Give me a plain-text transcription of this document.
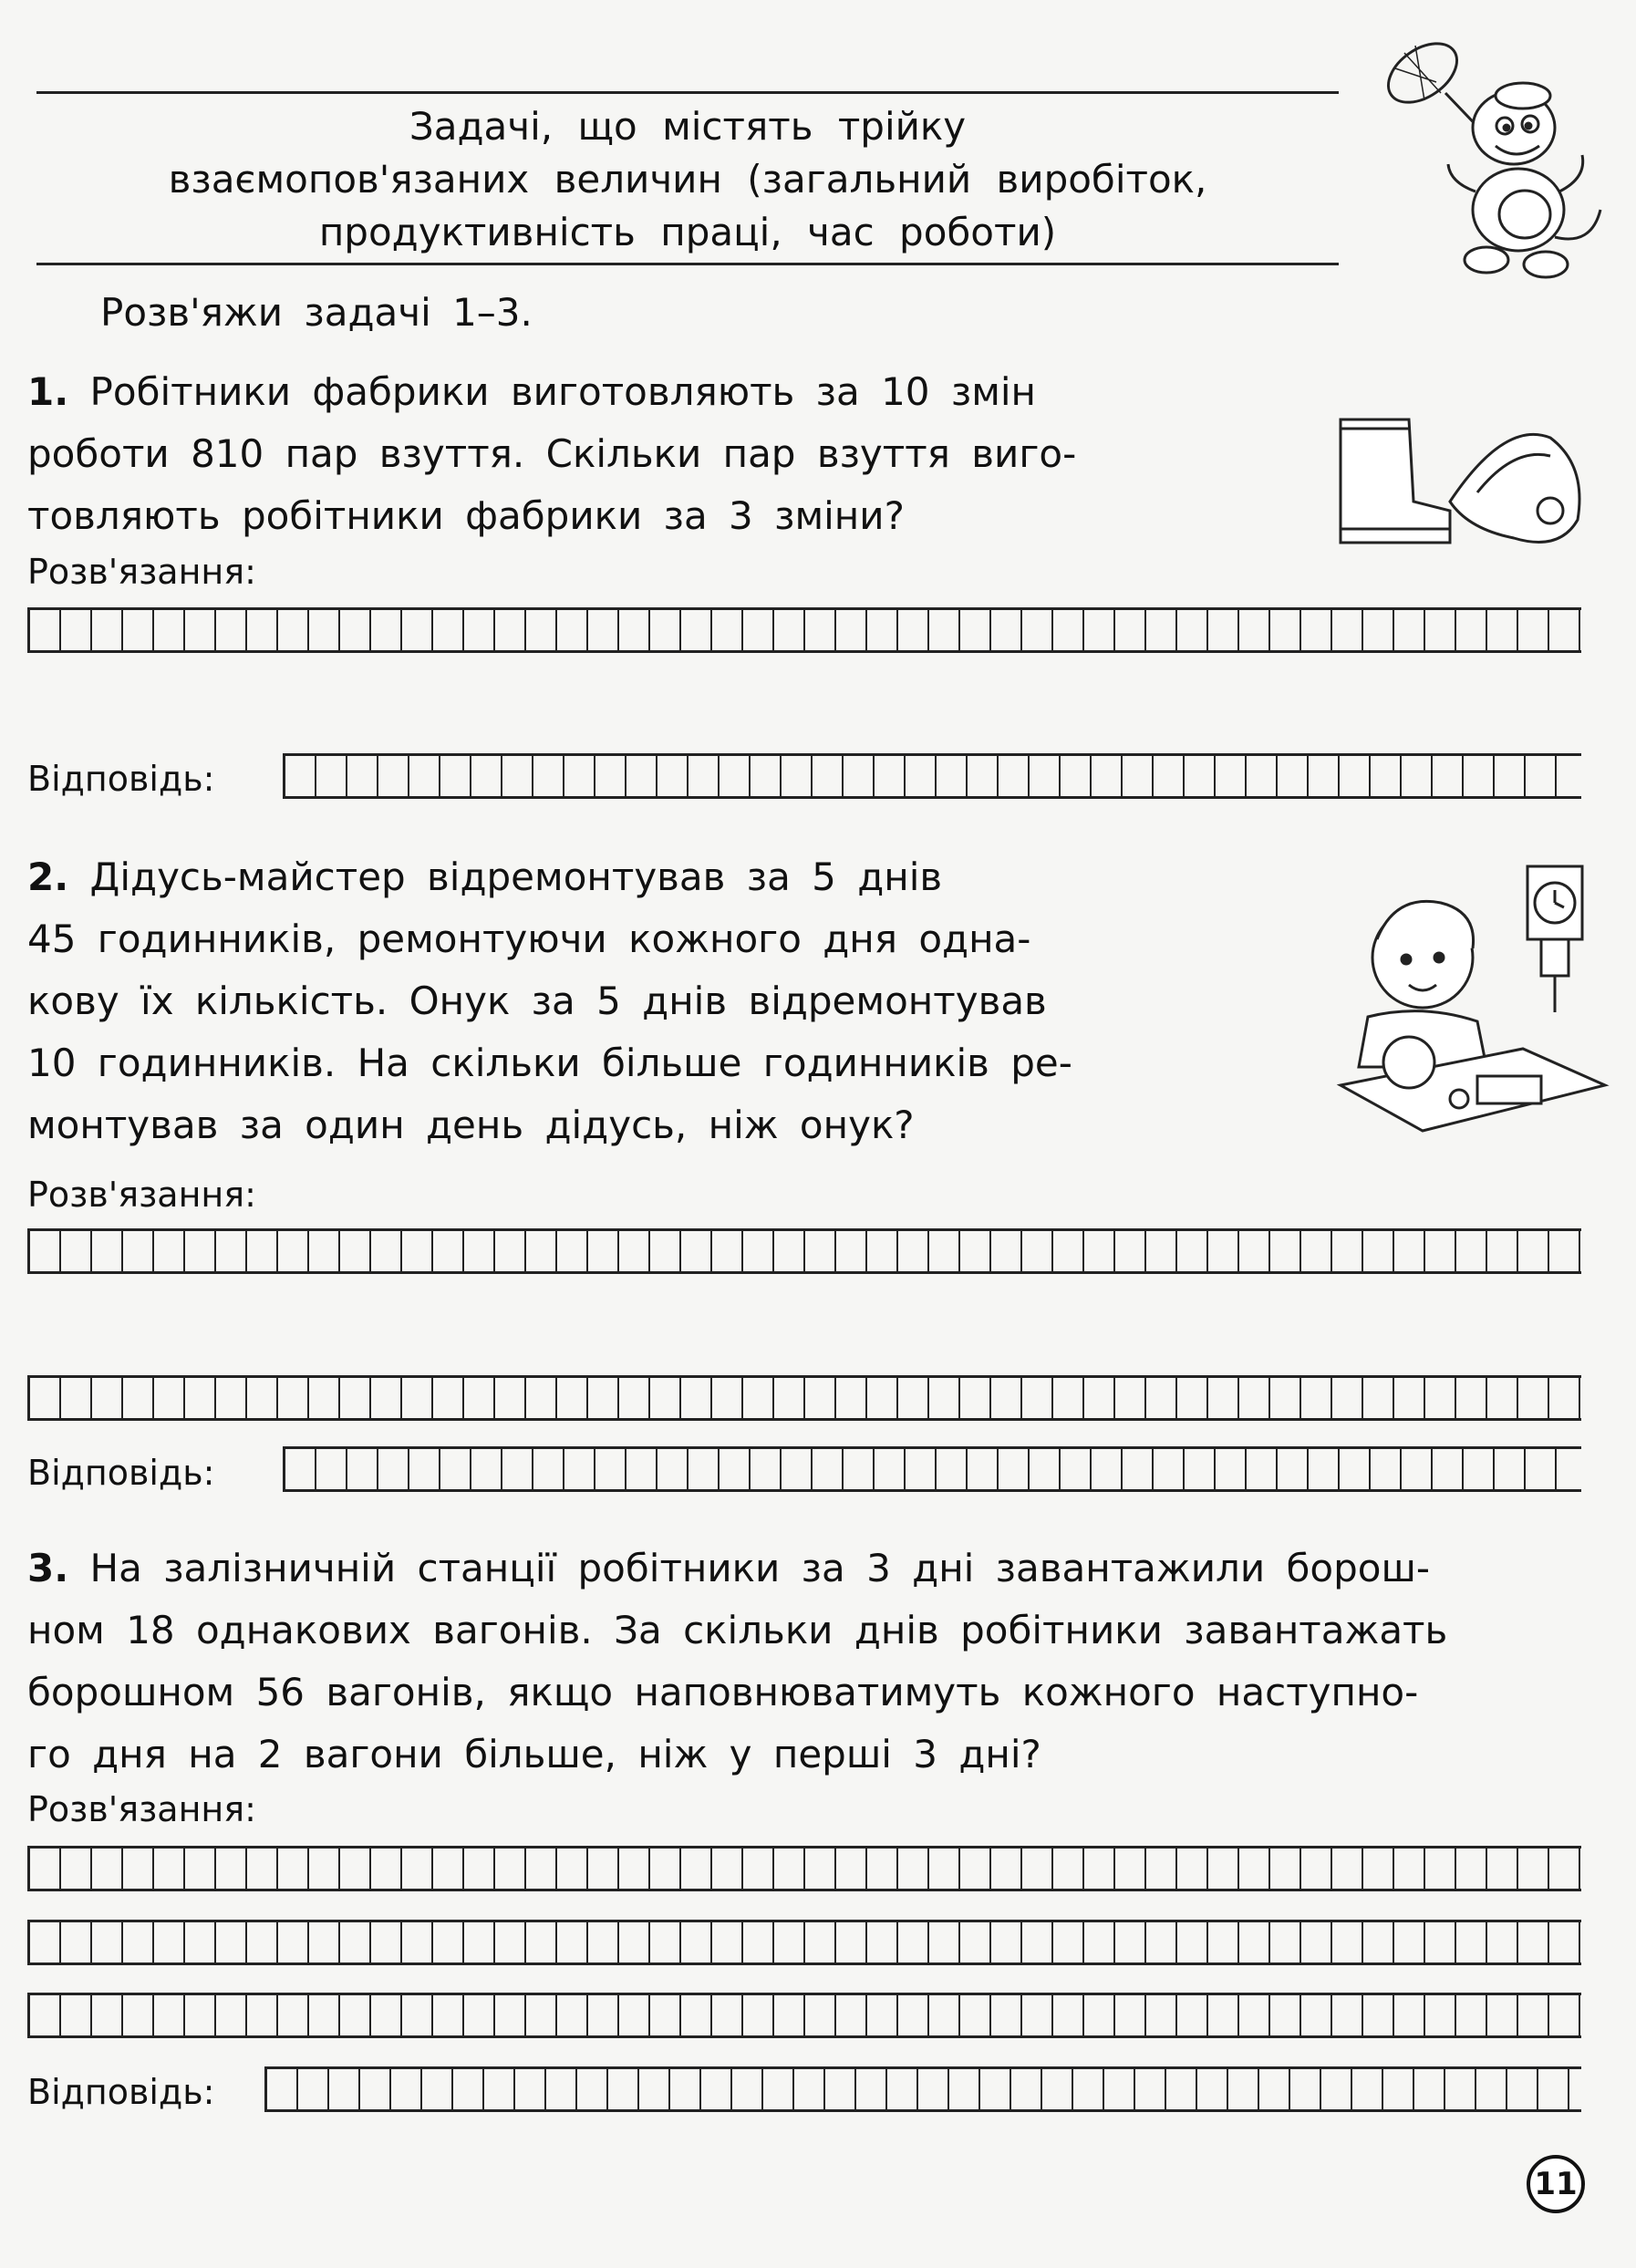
Задачі, що містять трійку
взаємопов'язаних величин (загальний виробіток,
продуктивність праці, час роботи)
Розв'яжи задачі 1–3.
1. Робітники фабрики виготовляють за 10 змін
роботи 810 пар взуття. Скільки пар взуття виго-
товляють робітники фабрики за 3 зміни?
Розв'язання:
Відповідь:
2. Дідусь-майстер відремонтував за 5 днів
45 годинників, ремонтуючи кожного дня одна-
кову їх кількість. Онук за 5 днів відремонтував
10 годинників. На скільки більше годинників ре-
монтував за один день дідусь, ніж онук?
Розв'язання:
Відповідь:
3. На залізничній станції робітники за 3 дні завантажили борош-
ном 18 однакових вагонів. За скільки днів робітники завантажать
борошном 56 вагонів, якщо наповнюватимуть кожного наступно-
го дня на 2 вагони більше, ніж у перші 3 дні?
Розв'язання:
Відповідь:
11
